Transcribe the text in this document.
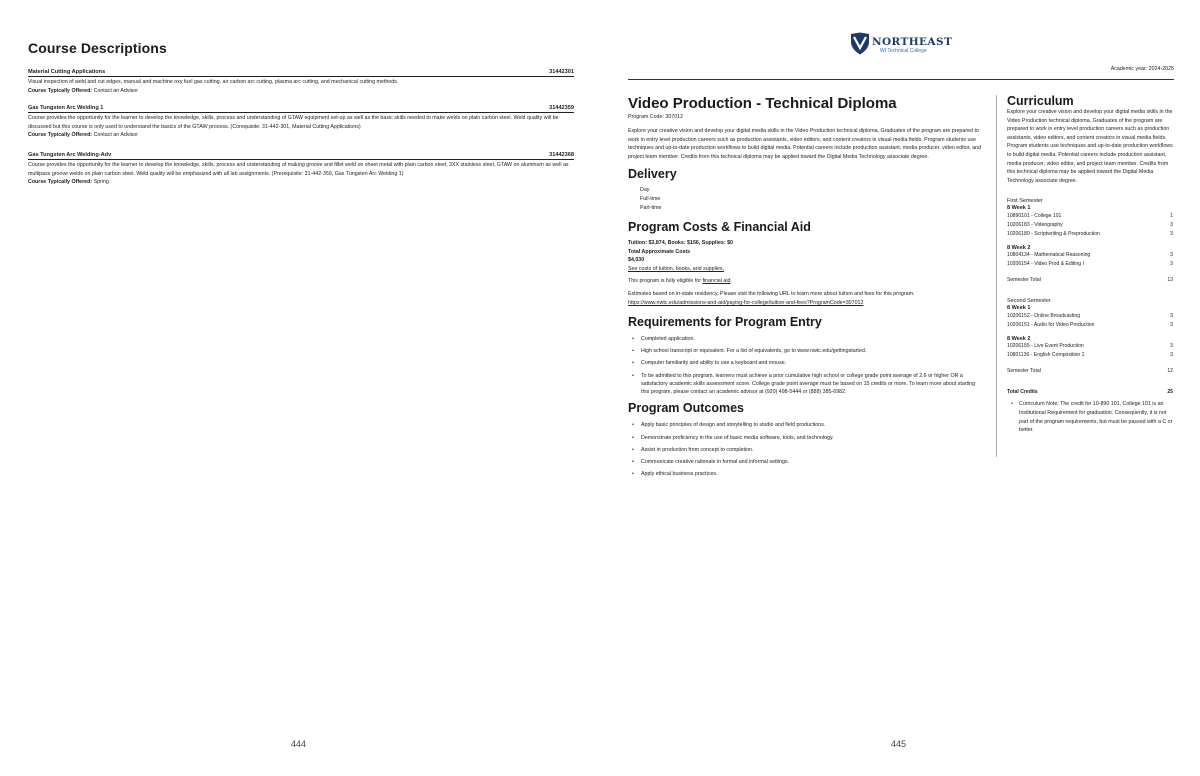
Course Descriptions
Material Cutting Applications	31442301
Visual inspection of weld and cut edges, manual and machine oxy fuel gas cutting, air carbon arc cutting, plasma arc cutting, and mechanical cutting methods.
Course Typically Offered: Contact an Advisor
Gas Tungsten Arc Welding 1	31442359
Course provides the opportunity for the learner to develop the knowledge, skills, process and understanding of GTAW equipment set-up as well as the basic skills needed to make welds on plain carbon steel. Weld quality will be discussed but this course is only used to understand the basics of the GTAW process. (Corequisite: 31-442-301, Material Cutting Applications)
Course Typically Offered: Contact an Advisor
Gas Tungsten Arc Welding-Adv	31442368
Course provides the opportunity for the learner to develop the knowledge, skills, process and understanding of making groove and fillet weld on sheet metal with plain carbon steel, 3XX stainless steel, GTAW on aluminum as well as multipass groove welds on plain carbon steel. Weld quality will be emphasized with all lab assignments. (Prerequisite: 31-442-359, Gas Tungsten Arc Welding 1)
Course Typically Offered: Spring
444
NORTHEAST
WI Technical College
Academic year: 2024-2025
Video Production - Technical Diploma
Program Code: 307012
Explore your creative vision and develop your digital media skills in the Video Production technical diploma. Graduates of the program are prepared to work in entry level production careers such as production assistants, video editors, and content creators in visual media fields. Program students use techniques and up-to-date production workflows to build digital media. Potential careers include production assistant, media producer, video editor, and project team member. Credits from this technical diploma may be applied toward the Digital Media Technology associate degree.
Delivery
Day
Full-time
Part-time
Program Costs & Financial Aid
Tuition: $3,874, Books: $156, Supplies: $0
Total Approximate Costs
$4,030
See costs of tuition, books, and supplies.
This program is fully eligible for financial aid.
Estimates based on in-state residency. Please visit the following URL to learn more about tuition and fees for this program.
https://www.nwtc.edu/admissions-and-aid/paying-for-college/tuition-and-fees?ProgramCode=307012
Requirements for Program Entry
• Completed application.
• High school transcript or equivalent. For a list of equivalents, go to www.nwtc.edu/gettingstarted.
• Computer familiarity and ability to use a keyboard and mouse.
• To be admitted to this program, learners must achieve a prior cumulative high school or college grade point average of 2.6 or higher OR a satisfactory academic skills assessment score. College grade point average must be based on 15 credits or more. To learn more about starting this program, please contact an academic advisor at (920) 498-5444 or (888) 385-6982.
Program Outcomes
• Apply basic principles of design and storytelling to studio and field productions.
• Demonstrate proficiency in the use of basic media software, tools, and technology.
• Assist in production from concept to completion.
• Communicate creative rationale in formal and informal settings.
• Apply ethical business practices.
Curriculum
Explore your creative vision and develop your digital media skills in the Video Production technical diploma. Graduates of the program are prepared to work in entry level production careers such as production assistants, video editors, and content creators in visual media fields. Program students use techniques and up-to-date production workflows to build digital media. Potential careers include production assistant, media producer, video editor, and project team member. Credits from this technical diploma may be applied toward the Digital Media Technology associate degree.
First Semester
8 Week 1
10890101 - College 101	1
10206183 - Videography	3
10206180 - Scriptwriting & Preproduction	3
8 Week 2
10804134 - Mathematical Reasoning	3
10206154 - Video Prod & Editing I	3
Semester Total	13
Second Semester
8 Week 1
10206152 - Online Broadcasting	3
10206151 - Audio for Video Production	3
8 Week 2
10206155 - Live Event Production	3
10801136 - English Composition 1	3
Semester Total	12
Total Credits	25
• Curriculum Note: The credit for 10-890 101, College 101 is an Institutional Requirement for graduation. Consequently, it is not part of the program requirements, but must be passed with a C or better.
445
